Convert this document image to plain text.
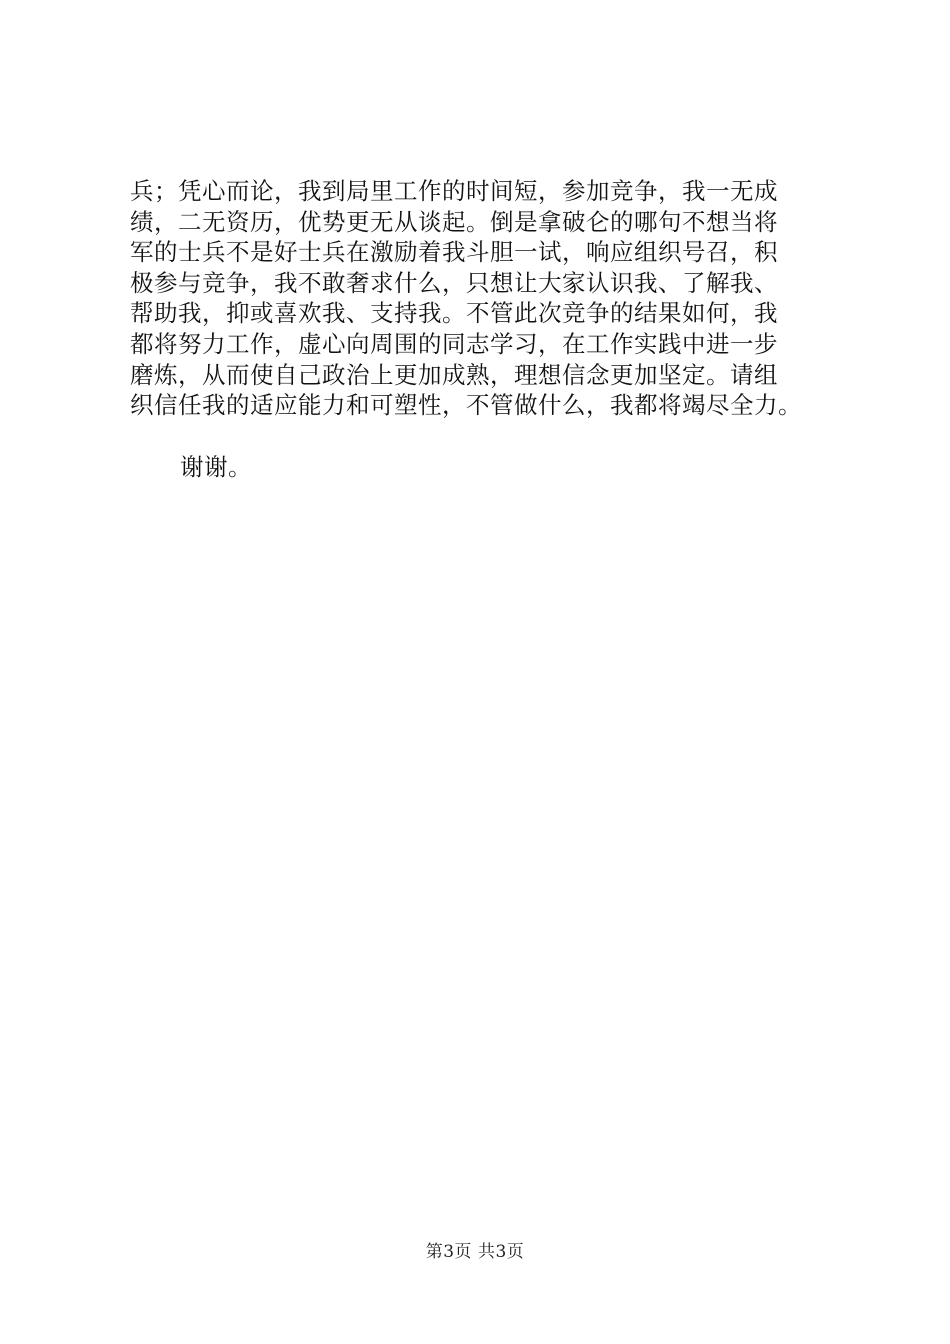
兵；凭心而论，我到局里工作的时间短，参加竞争，我一无成
绩，二无资历，优势更无从谈起。倒是拿破仑的哪句不想当将
军的士兵不是好士兵在激励着我斗胆一试，响应组织号召，积
极参与竞争，我不敢奢求什么，只想让大家认识我、了解我、
帮助我，抑或喜欢我、支持我。不管此次竞争的结果如何，我
都将努力工作，虚心向周围的同志学习，在工作实践中进一步
磨炼，从而使自己政治上更加成熟，理想信念更加坚定。请组
织信任我的适应能力和可塑性，不管做什么，我都将竭尽全力。

谢谢。

第3页 共3页
